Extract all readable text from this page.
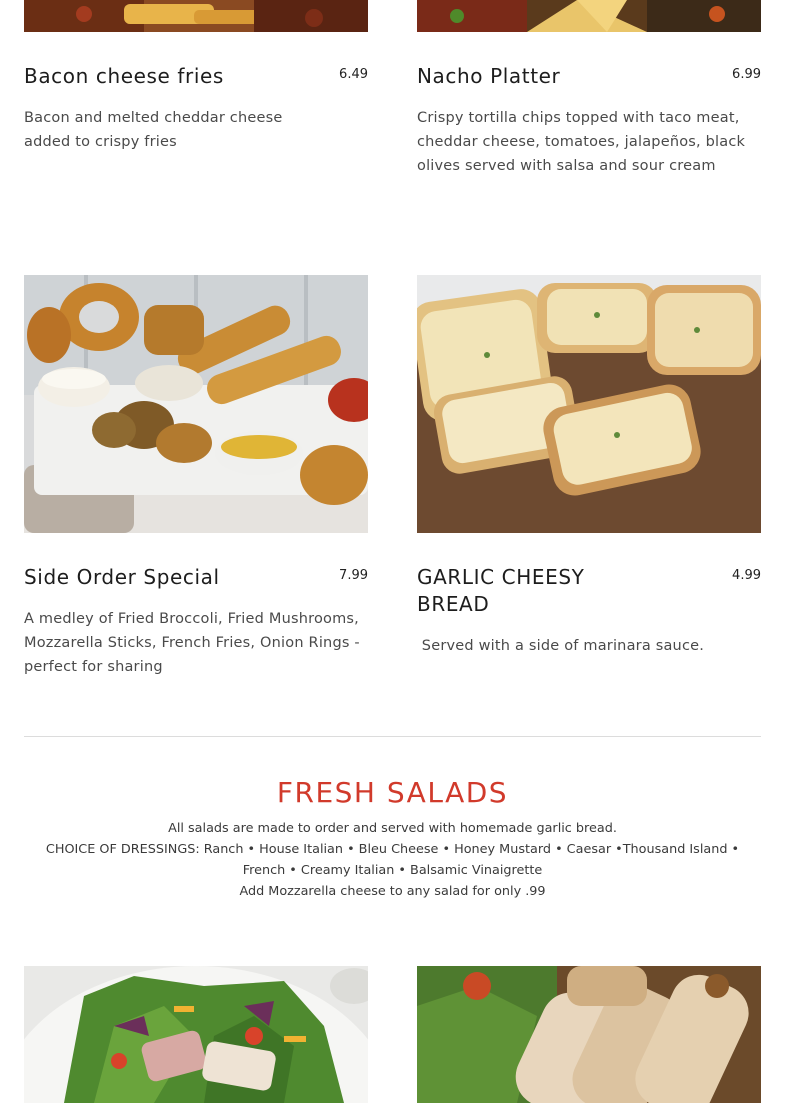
Bacon cheese fries	6.49

Bacon and melted cheddar cheese added to crispy fries

Nacho Platter	6.99

Crispy tortilla chips topped with taco meat, cheddar cheese, tomatoes, jalapeños, black olives served with salsa and sour cream

Side Order Special	7.99

A medley of Fried Broccoli, Fried Mushrooms, Mozzarella Sticks, French Fries, Onion Rings - perfect for sharing

GARLIC CHEESY BREAD
4.99

Served with a side of marinara sauce.

FRESH SALADS

All salads are made to order and served with homemade garlic bread.

CHOICE OF DRESSINGS: Ranch • House Italian • Bleu Cheese • Honey Mustard • Caesar •Thousand Island • French • Creamy Italian • Balsamic Vinaigrette

Add Mozzarella cheese to any salad for only .99
